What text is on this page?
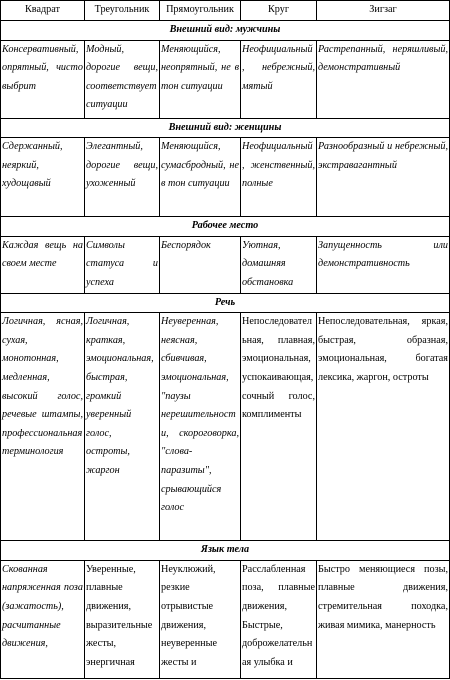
Квадрат	Треугольник	Прямоугольник	Круг	Зигзаг
Внешний вид: мужчины				
Консервативный, опрятный, чисто выбрит	Модный, дорогие вещи, соответствует ситуации	Меняющийся, неопрятный, не в тон ситуации	Неофициальный, небрежный, мятый	Растрепанный, неряшливый, демонстративный
Внешний вид: женщины				
Сдержанный, неяркий, худощавый	Элегантный, дорогие вещи, ухоженный	Меняющийся, сумасбродный, не в тон ситуации	Неофициальный, женственный, полные	Разнообразный и небрежный, экстравагантный
Рабочее место				
Каждая вещь на своем месте	Символы статуса и успеха	Беспорядок	Уютная, домашняя обстановка	Запущенность или демонстративность
Речь				
Логичная, ясная, сухая, монотонная, медленная, высокий голос, речевые штампы, профессиональная терминология	Логичная, краткая, эмоциональная, быстрая, громкий уверенный голос, остроты, жаргон	Неуверенная, неясная, сбивчивая, эмоциональная, "паузы нерешительности, скороговорка, "слова-паразиты", срывающийся голос	Непоследовательная, плавная, эмоциональная, успокаивающая, сочный голос, комплименты	Непоследовательная, яркая, быстрая, образная, эмоциональная, богатая лексика, жаргон, остроты
Язык тела				
Скованная напряженная поза (зажатость), расчитанные движения,	Уверенные, плавные движения, выразительные жесты, энергичная	Неуклюжий, резкие отрывистые движения, неуверенные жесты и	Расслабленная поза, плавные движения, Быстрые, доброжелательная улыбка и	Быстро меняющиеся позы, плавные движения, стремительная походка, живая мимика, манерность
